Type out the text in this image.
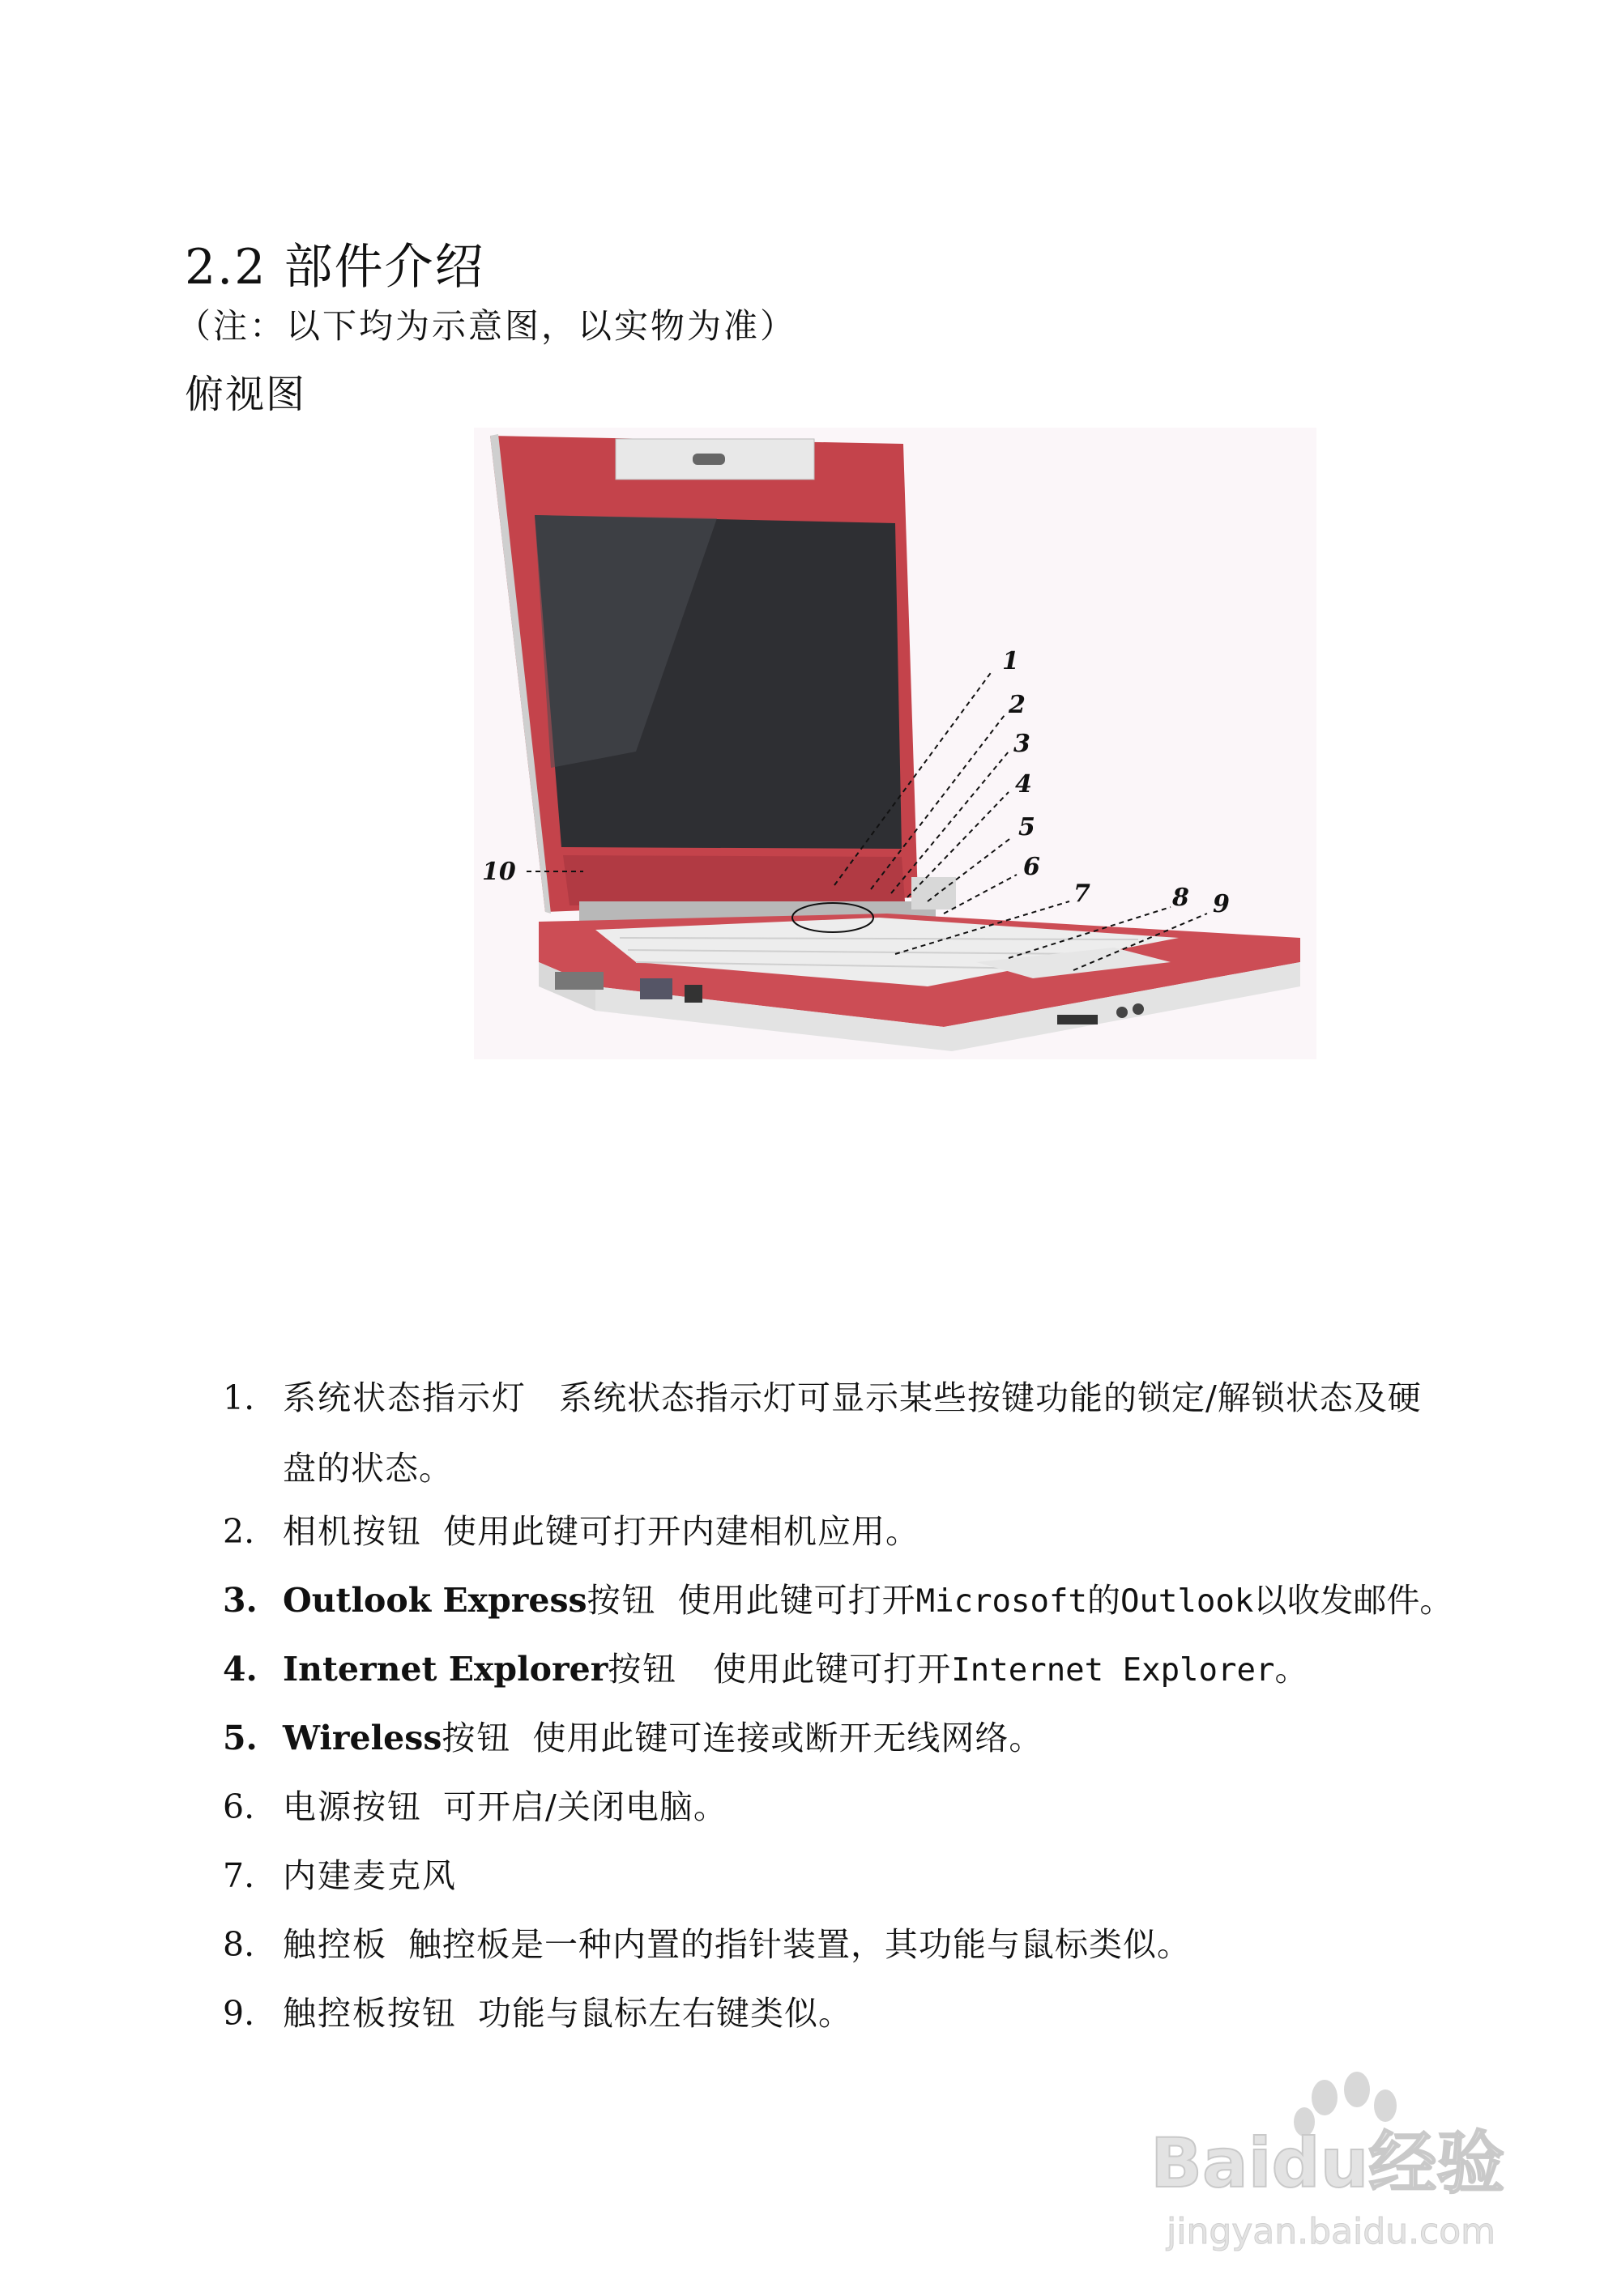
2.2 部件介绍
（注：以下均为示意图，以实物为准）
俯视图
1
2
3
4
5
6
7	8 9
10
1. 系统状态指示灯 系统状态指示灯可显示某些按键功能的锁定/解锁状态及硬
盘的状态。
2. 相机按钮 使用此键可打开内建相机应用。
3. Outlook Express按钮 使用此键可打开Microsoft的Outlook以收发邮件。
4. Internet Explorer按钮 使用此键可打开Internet Explorer。
5. Wireless按钮 使用此键可连接或断开无线网络。
6. 电源按钮 可开启/关闭电脑。
7. 内建麦克风
8. 触控板 触控板是一种内置的指针装置，其功能与鼠标类似。
9. 触控板按钮 功能与鼠标左右键类似。
Baidu经验
jingyan.baidu.com
